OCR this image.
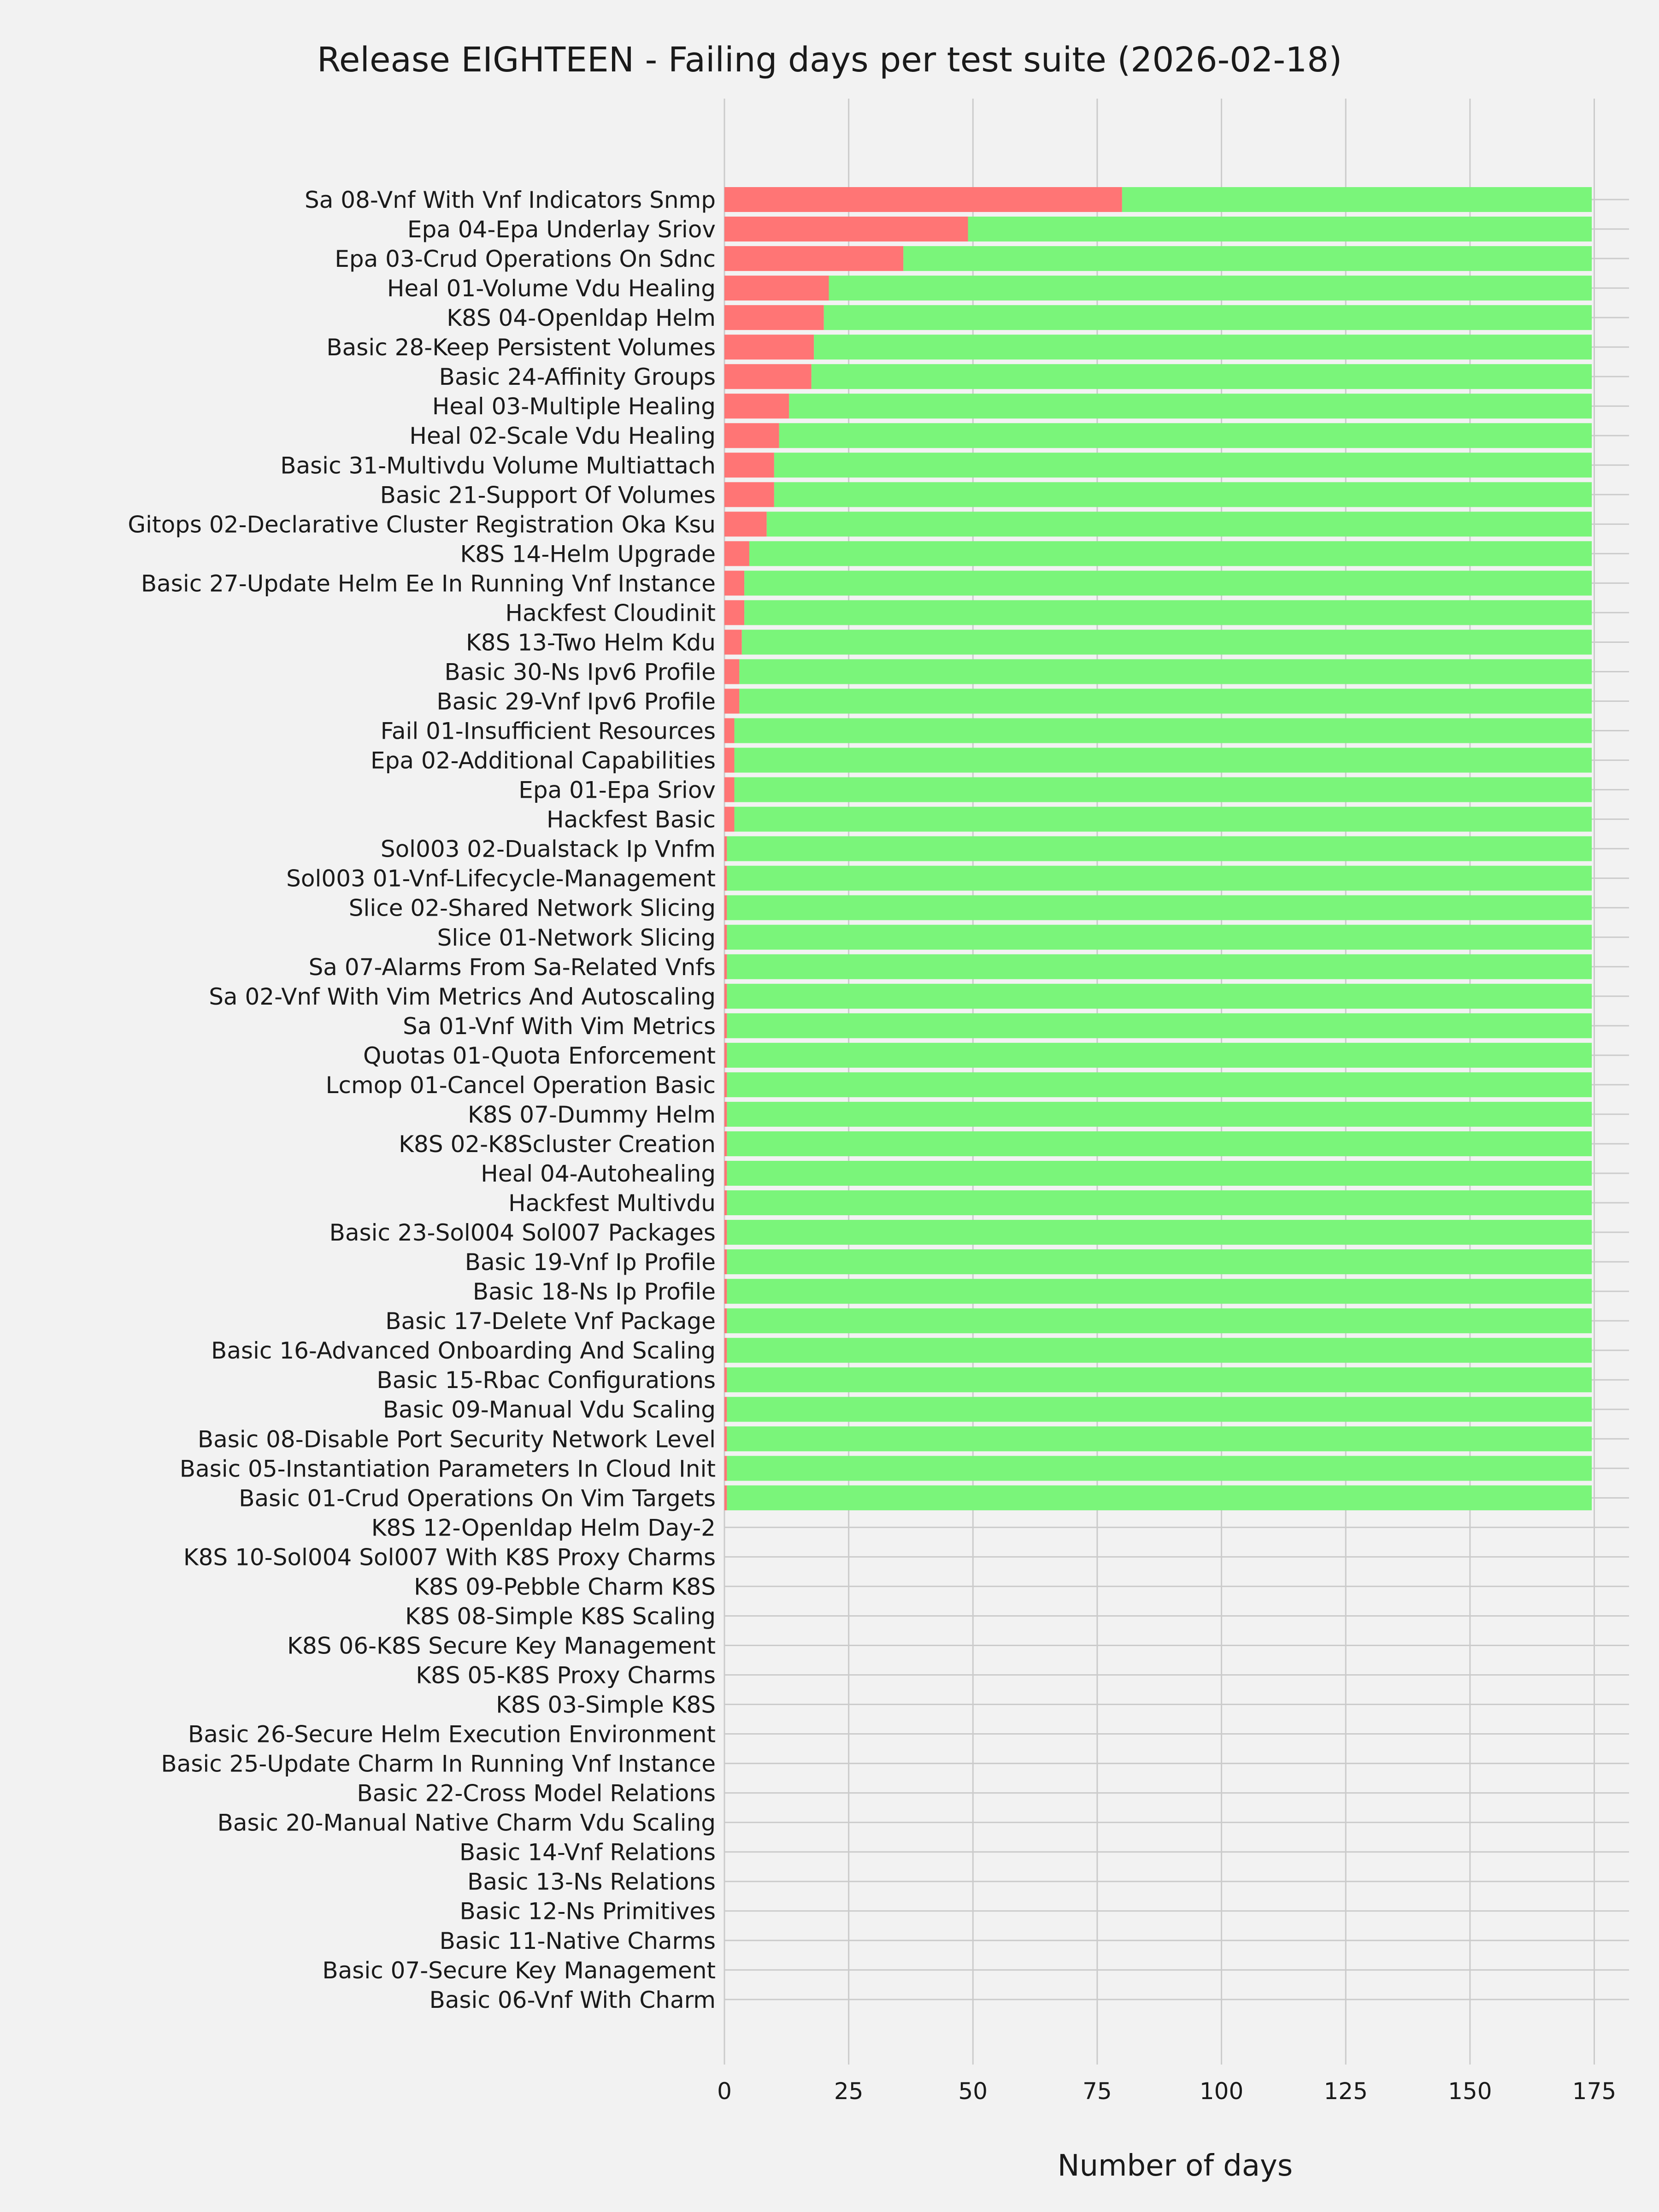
Release EIGHTEEN - Failing days per test suite (2026-02-18)
Sa 08-Vnf With Vnf Indicators Snmp
Epa 04-Epa Underlay Sriov
Epa 03-Crud Operations On Sdnc
Heal 01-Volume Vdu Healing
K8S 04-Openldap Helm
Basic 28-Keep Persistent Volumes
Basic 24-Affinity Groups
Heal 03-Multiple Healing
Heal 02-Scale Vdu Healing
Basic 31-Multivdu Volume Multiattach
Basic 21-Support Of Volumes
Gitops 02-Declarative Cluster Registration Oka Ksu
K8S 14-Helm Upgrade
Basic 27-Update Helm Ee In Running Vnf Instance
Hackfest Cloudinit
K8S 13-Two Helm Kdu
Basic 30-Ns Ipv6 Profile
Basic 29-Vnf Ipv6 Profile
Fail 01-Insufficient Resources
Epa 02-Additional Capabilities
Epa 01-Epa Sriov
Hackfest Basic
Sol003 02-Dualstack Ip Vnfm
Sol003 01-Vnf-Lifecycle-Management
Slice 02-Shared Network Slicing
Slice 01-Network Slicing
Sa 07-Alarms From Sa-Related Vnfs
Sa 02-Vnf With Vim Metrics And Autoscaling
Sa 01-Vnf With Vim Metrics
Quotas 01-Quota Enforcement
Lcmop 01-Cancel Operation Basic
K8S 07-Dummy Helm
K8S 02-K8Scluster Creation
Heal 04-Autohealing
Hackfest Multivdu
Basic 23-Sol004 Sol007 Packages
Basic 19-Vnf Ip Profile
Basic 18-Ns Ip Profile
Basic 17-Delete Vnf Package
Basic 16-Advanced Onboarding And Scaling
Basic 15-Rbac Configurations
Basic 09-Manual Vdu Scaling
Basic 08-Disable Port Security Network Level
Basic 05-Instantiation Parameters In Cloud Init
Basic 01-Crud Operations On Vim Targets
K8S 12-Openldap Helm Day-2
K8S 10-Sol004 Sol007 With K8S Proxy Charms
K8S 09-Pebble Charm K8S
K8S 08-Simple K8S Scaling
K8S 06-K8S Secure Key Management
K8S 05-K8S Proxy Charms
K8S 03-Simple K8S
Basic 26-Secure Helm Execution Environment
Basic 25-Update Charm In Running Vnf Instance
Basic 22-Cross Model Relations
Basic 20-Manual Native Charm Vdu Scaling
Basic 14-Vnf Relations
Basic 13-Ns Relations
Basic 12-Ns Primitives
Basic 11-Native Charms
Basic 07-Secure Key Management
Basic 06-Vnf With Charm
0	25	50	75	100	125	150	175
Number of days
